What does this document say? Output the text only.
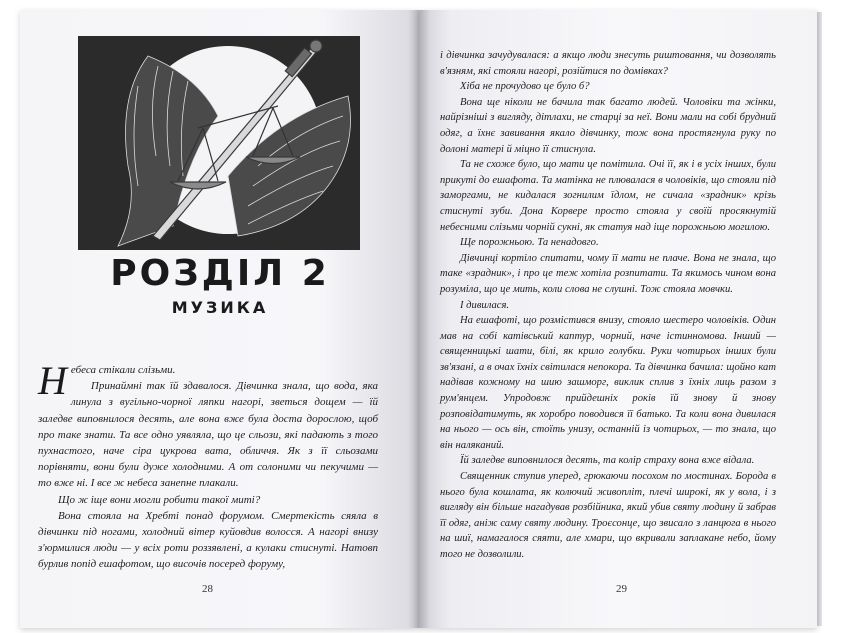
РОЗДІЛ 2
МУЗИКА

Небеса стікали слізьми.

Принаймні так їй здавалося. Дівчинка знала, що вода, яка линула з вугільно-чорної ляпки нагорі, зветься дощем — їй заледве виповнилося десять, але вона вже була доста дорослою, щоб про таке знати. Та все одно уявляла, що це сльози, які падають з того пухнастого, наче сіра цукрова вата, обличчя. Як з її сльозами порівняти, вони були дуже холодними. А от солоними чи пекучими — то вже ні. І все ж небеса занепне плакали.

Що ж іще вони могли робити такої миті?

Вона стояла на Хребті понад форумом. Смертекість сяяла в дівчинки під ногами, холодний вітер куйовдив волосся. А нагорі внизу з'юрмилися люди — у всіх роти роззявлені, а кулаки стиснуті. Натовп бурлив попід ешафотом, що височів посеред форуму,

і дівчинка зачудувалася: а якщо люди знесуть риштовання, чи дозволять в'язням, які стояли нагорі, розійтися по домівках?

Хіба не прочудово це було б?

Вона ще ніколи не бачила так багато людей. Чоловіки та жінки, найрізніші з вигляду, дітлахи, не старці за неї. Вони мали на собі брудний одяг, а їхнє завивання якало дівчинку, тож вона простягнула руку по долоні матері й міцно її стиснула.

Та не схоже було, що мати це помітила. Очі її, як і в усіх інших, були прикуті до ешафота. Та матінка не плювалася в чоловіків, що стояли під заморгами, не кидалася зогнилим їдлом, не сичала «зрадник» крізь стиснуті зуби. Дона Корвере просто стояла у своїй просякнутій небесними слізьми чорній сукні, як статуя над іще порожньою могилою.

Ще порожньою. Та ненадовго.

Дівчинці кортіло спитати, чому її мати не плаче. Вона не знала, що таке «зрадник», і про це теж хотіла розпитати. Та якимось чином вона розуміла, що це мить, коли слова не слушні. Тож стояла мовчки.

І дивилася.

На ешафоті, що розмістився внизу, стояло шестеро чоловіків. Один мав на собі катівський каптур, чорний, наче істинномова. Інший — священницькі шати, білі, як крило голубки. Руки чотирьох інших були зв'язані, а в очах їхніх світилася непокора. Та дівчинка бачила: щойно кат надівав кожному на шию зашморг, виклик сплив з їхніх лиць разом з рум'янцем. Упродовж прийдешніх років їй знову й знову розповідатимуть, як хоробро поводився її батько. Та коли вона дивилася на нього — ось він, стоїть унизу, останній із чотирьох, — то знала, що він наляканий.

Їй заледве виповнилося десять, та колір страху вона вже відала.

Священник ступив уперед, грюкаючи посохом по мостинах. Борода в нього була кошлата, як колючий живопліт, плечі широкі, як у вола, і з вигляду він більше нагадував розбійника, який убив святу людину й забрав її одяг, аніж саму святу людину. Троєсонце, що звисало з ланцюга в нього на шиї, намагалося сяяти, але хмари, що вкривали заплакане небо, йому того не дозволили.

28	29
